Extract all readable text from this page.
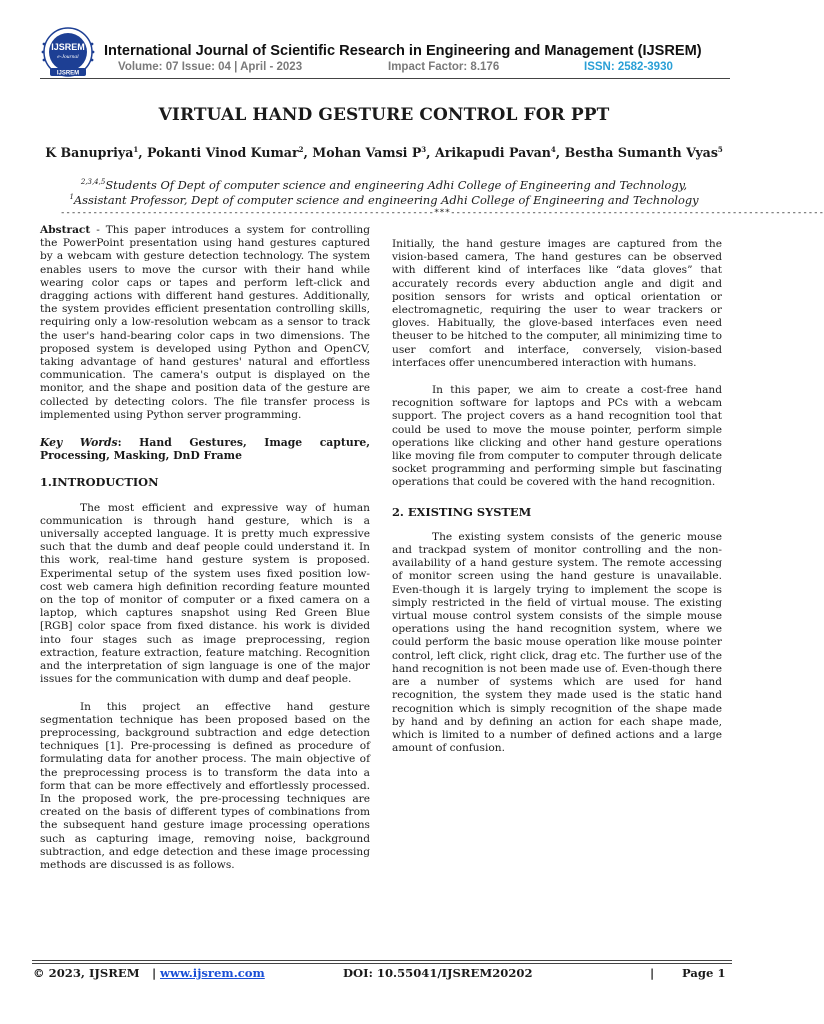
IJSREM
e-Journal
IJSREM
International Journal of Scientific Research in Engineering and Management (IJSREM)
Volume: 07 Issue: 04 | April - 2023	Impact Factor: 8.176	ISSN: 2582-3930
VIRTUAL HAND GESTURE CONTROL FOR PPT
K Banupriya$^1$, Pokanti Vinod Kumar$^2$, Mohan Vamsi $P^3$, Arikapudi Pavan$^4$, Bestha Sumanth Vyas$^5$
$^{2,3,4,5}$Students Of Dept of computer science and engineering Adhi College of Engineering and Technology,
$^1$Assistant Professor, Dept of computer science and engineering Adhi College of Engineering and Technology
---------------------------------------------------------------------***---------------------------------------------------------------------

Abstract - This paper introduces a system for controlling the PowerPoint presentation using hand gestures captured by a webcam with gesture detection technology. The system enables users to move the cursor with their hand while wearing color caps or tapes and perform left-click and dragging actions with different hand gestures. Additionally, the system provides efficient presentation controlling skills, requiring only a low-resolution webcam as a sensor to track the user's hand-bearing color caps in two dimensions. The proposed system is developed using Python and OpenCV, taking advantage of hand gestures' natural and effortless communication. The camera's output is displayed on the monitor, and the shape and position data of the gesture are collected by detecting colors. The file transfer process is implemented using Python server programming.

Key Words: Hand Gestures, Image capture, Processing, Masking, DnD Frame

1.INTRODUCTION

The most efficient and expressive way of human communication is through hand gesture, which is a universally accepted language. It is pretty much expressive such that the dumb and deaf people could understand it. In this work, real-time hand gesture system is proposed. Experimental setup of the system uses fixed position low-cost web camera high definition recording feature mounted on the top of monitor of computer or a fixed camera on a laptop, which captures snapshot using Red Green Blue [RGB] color space from fixed distance. his work is divided into four stages such as image preprocessing, region extraction, feature extraction, feature matching. Recognition and the interpretation of sign language is one of the major issues for the communication with dump and deaf people.

In this project an effective hand gesture segmentation technique has been proposed based on the preprocessing, background subtraction and edge detection techniques [1]. Pre-processing is defined as procedure of formulating data for another process. The main objective of the preprocessing process is to transform the data into a form that can be more effectively and effortlessly processed. In the proposed work, the pre-processing techniques are created on the basis of different types of combinations from the subsequent hand gesture image processing operations such as capturing image, removing noise, background subtraction, and edge detection and these image processing methods are discussed is as follows.

Initially, the hand gesture images are captured from the vision-based camera, The hand gestures can be observed with different kind of interfaces like “data gloves” that accurately records every abduction angle and digit and position sensors for wrists and optical orientation or electromagnetic, requiring the user to wear trackers or gloves. Habitually, the glove-based interfaces even need theuser to be hitched to the computer, all minimizing time to user comfort and interface, conversely, vision-based interfaces offer unencumbered interaction with humans.

In this paper, we aim to create a cost-free hand recognition software for laptops and PCs with a webcam support. The project covers as a hand recognition tool that could be used to move the mouse pointer, perform simple operations like clicking and other hand gesture operations like moving file from computer to computer through delicate socket programming and performing simple but fascinating operations that could be covered with the hand recognition.

2. EXISTING SYSTEM

The existing system consists of the generic mouse and trackpad system of monitor controlling and the non-availability of a hand gesture system. The remote accessing of monitor screen using the hand gesture is unavailable. Even-though it is largely trying to implement the scope is simply restricted in the field of virtual mouse. The existing virtual mouse control system consists of the simple mouse operations using the hand recognition system, where we could perform the basic mouse operation like mouse pointer control, left click, right click, drag etc. The further use of the hand recognition is not been made use of. Even-though there are a number of systems which are used for hand recognition, the system they made used is the static hand recognition which is simply recognition of the shape made by hand and by defining an action for each shape made, which is limited to a number of defined actions and a large amount of confusion.

© 2023, IJSREM | www.ijsrem.com	DOI: 10.55041/IJSREM20202	| Page 1
